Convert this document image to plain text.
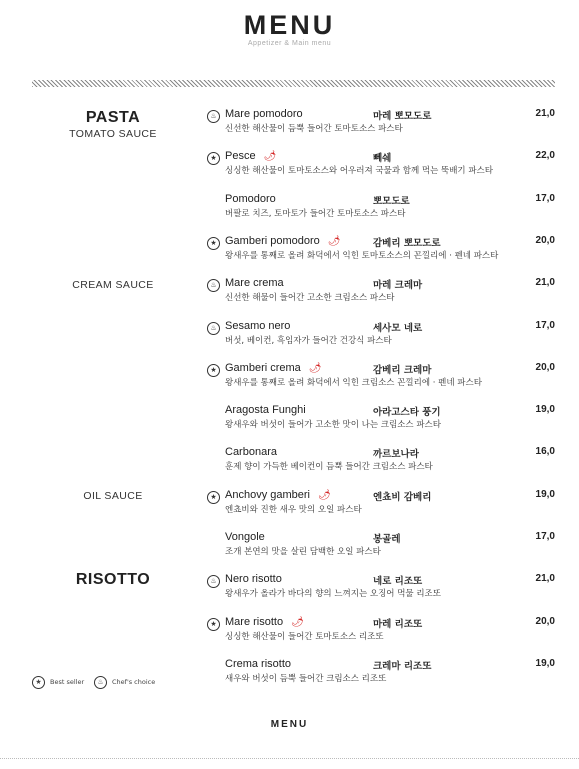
MENU
Appetizer & Main menu
PASTA
TOMATO SAUCE
CREAM SAUCE
OIL SAUCE
RISOTTO
♨ Mare pomodoro	마레 뽀모도로	21,0
신선한 해산물이 듬뿍 들어간 토마토소스 파스타
★ Pesce 🌶	뻬쉐	22,0
싱싱한 해산물이 토마토소스와 어우러져 국물과 함께 먹는 뚝배기 파스타
Pomodoro	뽀모도로	17,0
버팔로 치즈, 토마토가 들어간 토마토소스 파스타
★ Gamberi pomodoro 🌶	감베리 뽀모도로	20,0
왕새우를 통째로 올려 화덕에서 익힌 토마토소스의 꼰낄리에 · 펜네 파스타
♨ Mare crema	마레 크레마	21,0
신선한 해물이 들어간 고소한 크림소스 파스타
♨ Sesamo nero	세사모 네로	17,0
버섯, 베이컨, 흑임자가 들어간 건강식 파스타
★ Gamberi crema 🌶	감베리 크레마	20,0
왕새우를 통째로 올려 화덕에서 익힌 크림소스 꼰낄리에 · 펜네 파스타
Aragosta Funghi	아라고스타 풍기	19,0
왕새우와 버섯이 들어가 고소한 맛이 나는 크림소스 파스타
Carbonara	까르보나라	16,0
훈제 향이 가득한 베이컨이 듬뿍 들어간 크림소스 파스타
★ Anchovy gamberi 🌶	엔쵸비 감베리	19,0
엔쵸비와 진한 새우 맛의 오일 파스타
Vongole	봉골레	17,0
조개 본연의 맛을 살린 담백한 오일 파스타
♨ Nero risotto	네로 리조또	21,0
왕새우가 올라가 바다의 향의 느껴지는 오징어 먹물 리조또
★ Mare risotto 🌶	마레 리조또	20,0
싱싱한 해산물이 들어간 토마토소스 리조또
Crema risotto	크레마 리조또	19,0
새우와 버섯이 듬뿍 들어간 크림소스 리조또
★	Best seller	♨	Chef's choice
MENU
